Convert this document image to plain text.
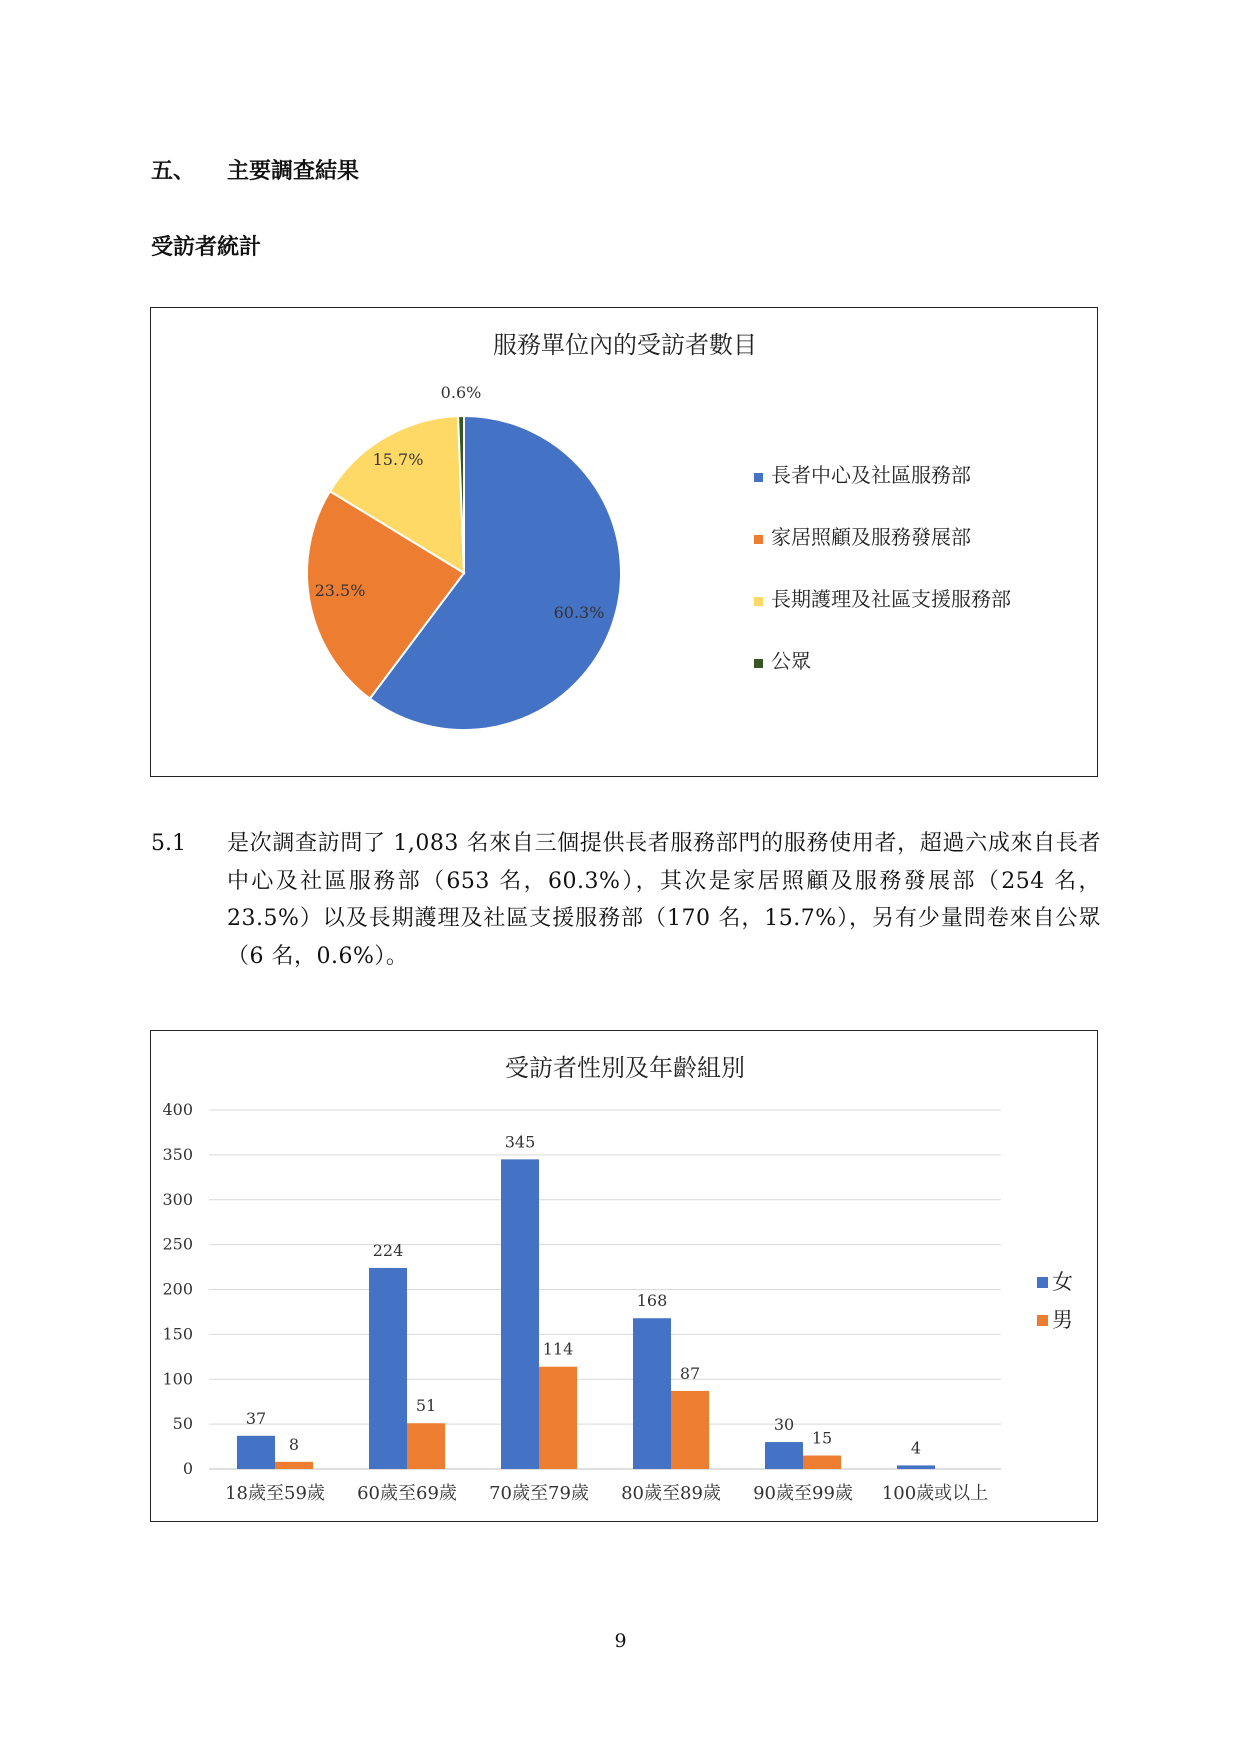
五、 主要調查結果
受訪者統計
服務單位內的受訪者數目
60.3%
23.5%
15.7%
0.6%
長者中心及社區服務部
家居照顧及服務發展部
長期護理及社區支援服務部
公眾
5.1 是次調查訪問了 1,083 名來自三個提供長者服務部門的服務使用者，超過六成來自長者中心及社區服務部（653 名，60.3%），其次是家居照顧及服務發展部（254 名，23.5%）以及長期護理及社區支援服務部（170 名，15.7%），另有少量問卷來自公眾（6 名，0.6%）。
受訪者性別及年齡組別
0
50
100
150
200
250
300
350
400
37
8
18歲至59歲
224
51
60歲至69歲
345
114
70歲至79歲
168
87
80歲至89歲
30
15
90歲至99歲
4
100歲或以上
女
男
9
